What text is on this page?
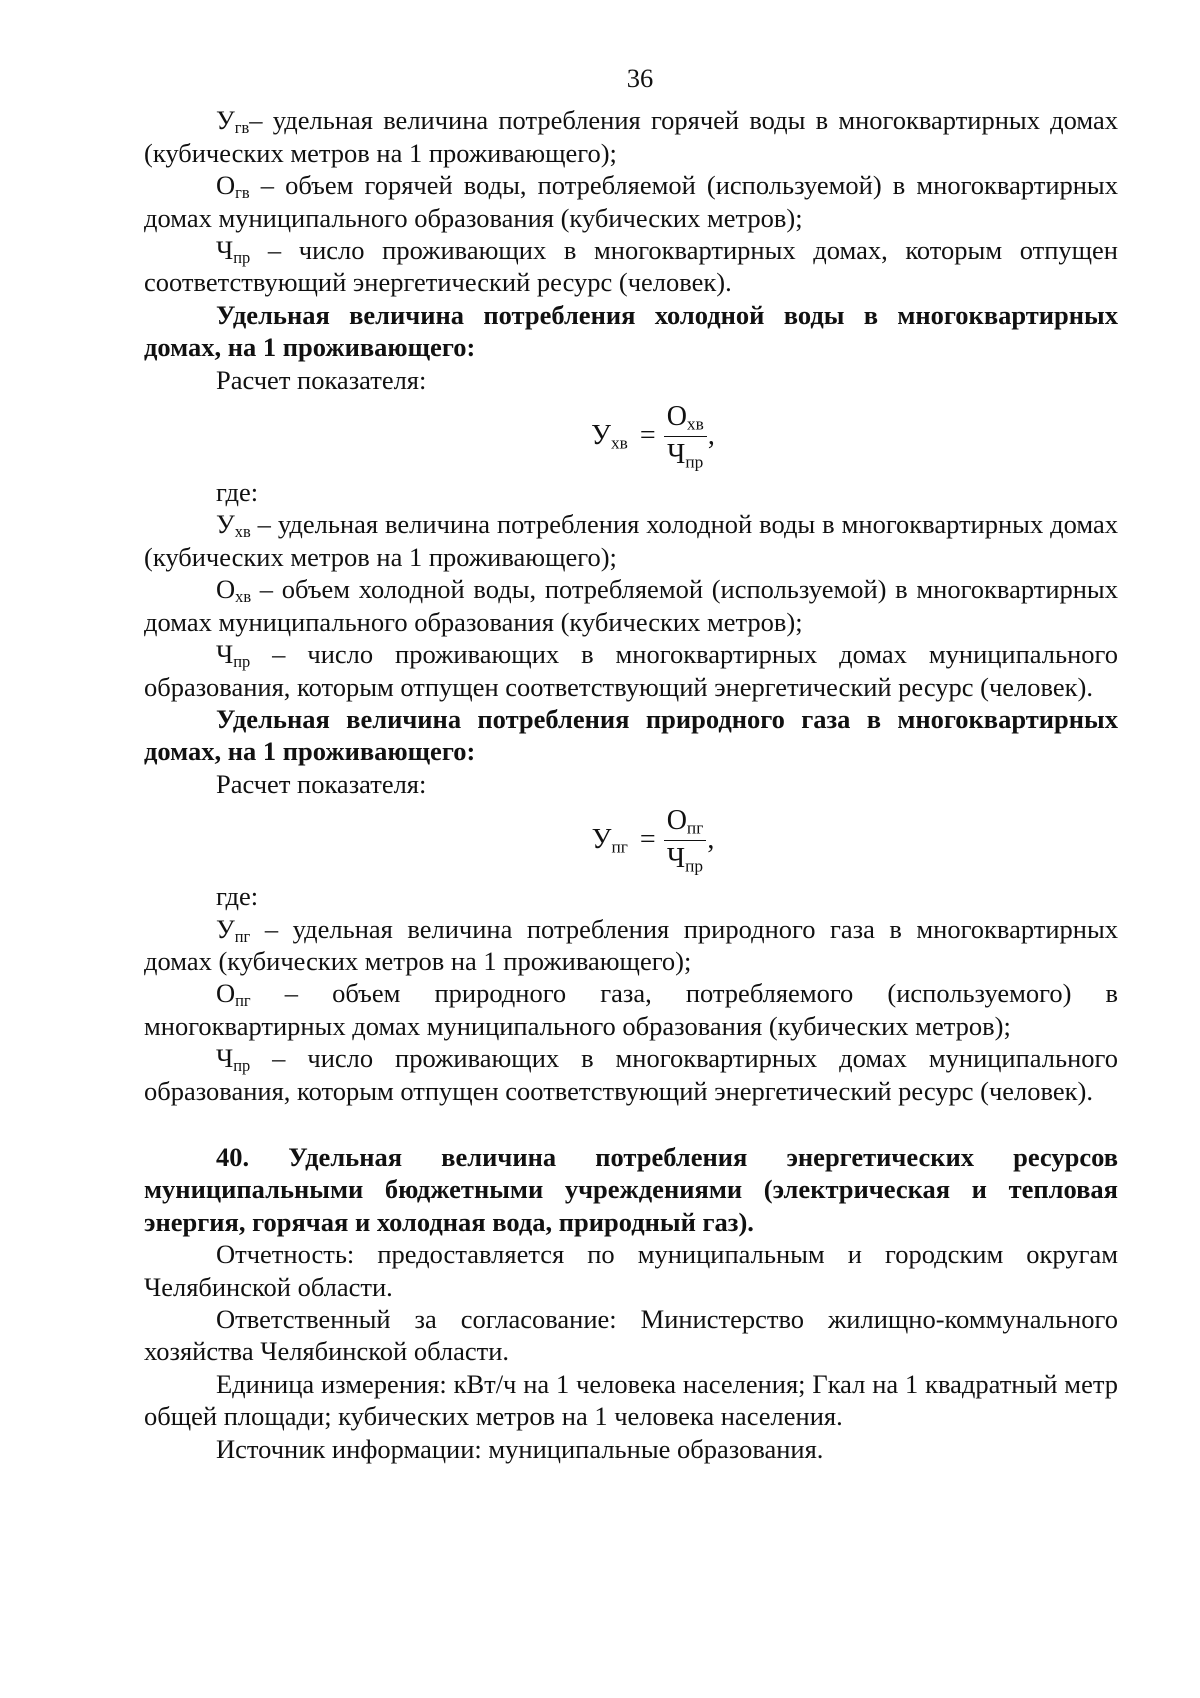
36

$У_{гв}-$ удельная величина потребления горячей воды в многоквартирных домах (кубических метров на 1 проживающего);

$О_{гв}$ – объем горячей воды, потребляемой (используемой) в многоквартирных домах муниципального образования (кубических метров);

$Ч_{пр}$ – число проживающих в многоквартирных домах, которым отпущен соответствующий энергетический ресурс (человек).

Удельная величина потребления холодной воды в многоквартирных домах, на 1 проживающего:

Расчет показателя:

$У_{хв} = \frac{О_{хв}}{Ч_{пр}}$ ,

где:

$У_{хв}$ – удельная величина потребления холодной воды в многоквартирных домах (кубических метров на 1 проживающего);

$О_{хв}$ – объем холодной воды, потребляемой (используемой) в многоквартирных домах муниципального образования (кубических метров);

$Ч_{пр}$ – число проживающих в многоквартирных домах муниципального образования, которым отпущен соответствующий энергетический ресурс (человек).

Удельная величина потребления природного газа в многоквартирных домах, на 1 проживающего:

Расчет показателя:

$У_{пг} = \frac{О_{пг}}{Ч_{пр}}$ ,

где:

$У_{пг}$ – удельная величина потребления природного газа в многоквартирных домах (кубических метров на 1 проживающего);

$О_{пг}$ – объем природного газа, потребляемого (используемого) в многоквартирных домах муниципального образования (кубических метров);

$Ч_{пр}$ – число проживающих в многоквартирных домах муниципального образования, которым отпущен соответствующий энергетический ресурс (человек).

40. Удельная величина потребления энергетических ресурсов муниципальными бюджетными учреждениями (электрическая и тепловая энергия, горячая и холодная вода, природный газ).

Отчетность: предоставляется по муниципальным и городским округам Челябинской области.

Ответственный за согласование: Министерство жилищно-коммунального хозяйства Челябинской области.

Единица измерения: кВт/ч на 1 человека населения; Гкал на 1 квадратный метр общей площади; кубических метров на 1 человека населения.

Источник информации: муниципальные образования.
